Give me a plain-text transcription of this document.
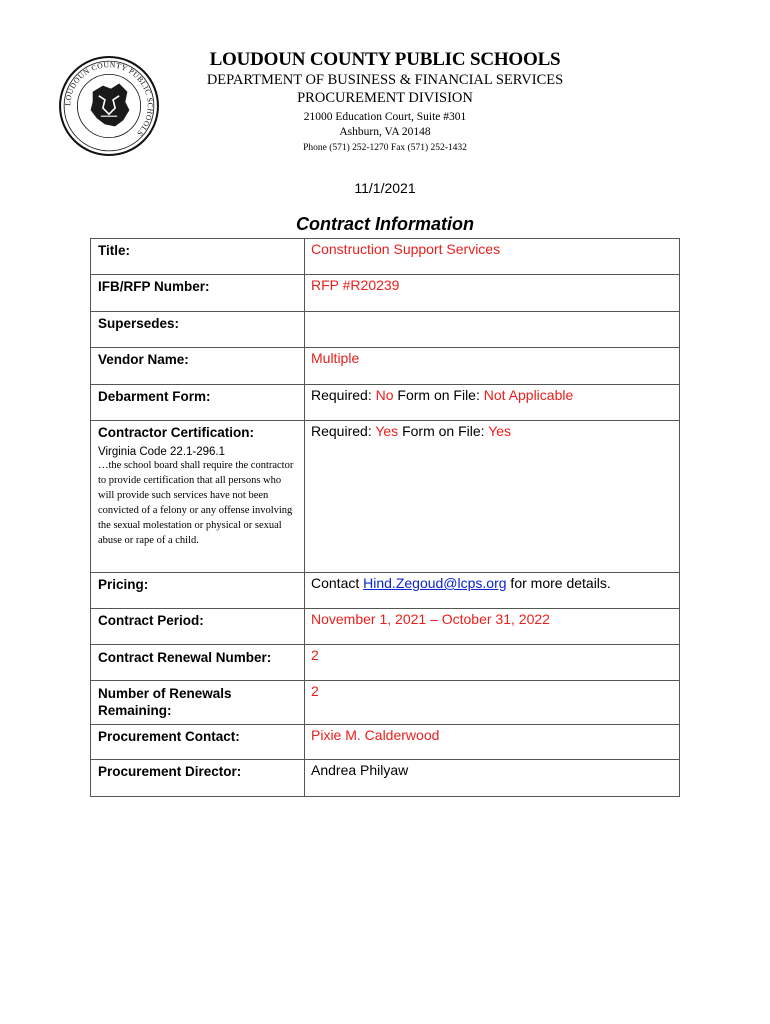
LOUDOUN COUNTY PUBLIC SCHOOLS
LOUDOUN COUNTY PUBLIC SCHOOLS
DEPARTMENT OF BUSINESS & FINANCIAL SERVICES
PROCUREMENT DIVISION
21000 Education Court, Suite #301
Ashburn, VA 20148
Phone (571) 252-1270 Fax (571) 252-1432
11/1/2021
Contract Information
Title:	Construction Support Services
IFB/RFP Number:	RFP #R20239
Supersedes:	
Vendor Name:	Multiple
Debarment Form:	Required: No Form on File: Not Applicable

Contractor Certification:
Virginia Code 22.1-296.1
…the school board shall require the contractor to provide certification that all persons who will provide such services have not been convicted of a felony or any offense involving the sexual molestation or physical or sexual abuse or rape of a child.	Required: Yes Form on File: Yes
Pricing:	Contact Hind.Zegoud@lcps.org for more details.
Contract Period:	November 1, 2021 – October 31, 2022
Contract Renewal Number:	2
Number of Renewals Remaining:	2
Procurement Contact:	Pixie M. Calderwood
Procurement Director:	Andrea Philyaw
